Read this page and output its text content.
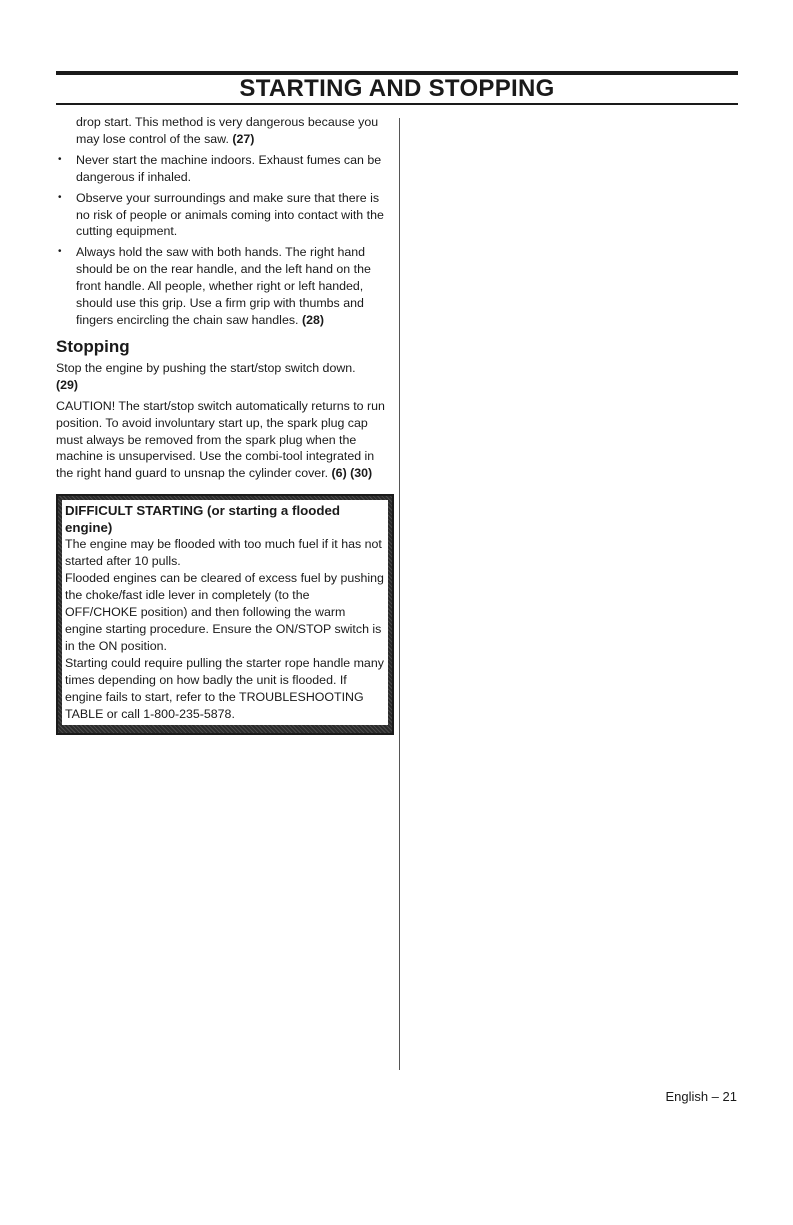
STARTING AND STOPPING

drop start. This method is very dangerous because you may lose control of the saw. (27)

• Never start the machine indoors. Exhaust fumes can be dangerous if inhaled.
• Observe your surroundings and make sure that there is no risk of people or animals coming into contact with the cutting equipment.
• Always hold the saw with both hands. The right hand should be on the rear handle, and the left hand on the front handle. All people, whether right or left handed, should use this grip. Use a firm grip with thumbs and fingers encircling the chain saw handles. (28)
Stopping

Stop the engine by pushing the start/stop switch down.
(29)

CAUTION! The start/stop switch automatically returns to run position. To avoid involuntary start up, the spark plug cap must always be removed from the spark plug when the machine is unsupervised. Use the combi-tool integrated in the right hand guard to unsnap the cylinder cover. (6) (30)

DIFFICULT STARTING (or starting a flooded engine)

The engine may be flooded with too much fuel if it has not started after 10 pulls.

Flooded engines can be cleared of excess fuel by pushing the choke/fast idle lever in completely (to the OFF/CHOKE position) and then following the warm engine starting procedure. Ensure the ON/STOP switch is in the ON position.

Starting could require pulling the starter rope handle many times depending on how badly the unit is flooded. If engine fails to start, refer to the TROUBLESHOOTING TABLE or call 1-800-235-5878.

English – 21
